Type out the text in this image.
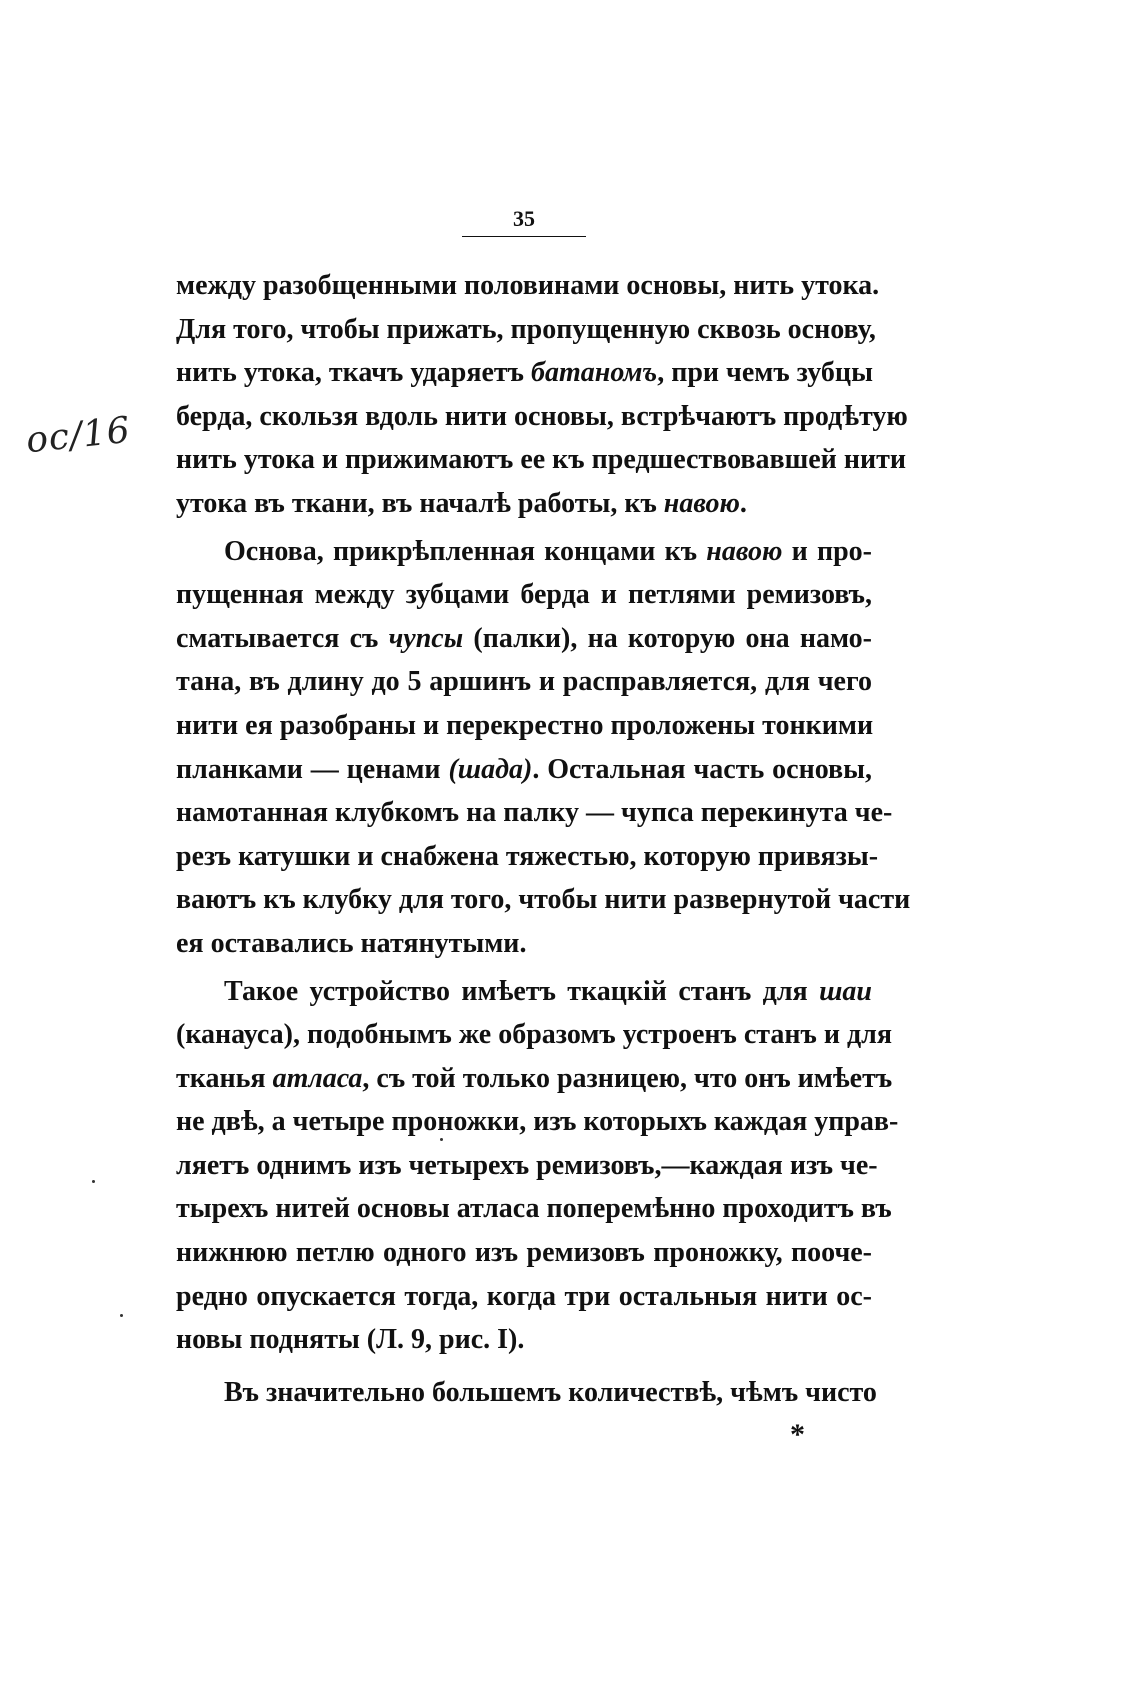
35
ос/16
между разобщенными половинами основы, нить утока.
Для того, чтобы прижать, пропущенную сквозь основу,
нить утока, ткачъ ударяетъ батаномъ, при чемъ зубцы
берда, скользя вдоль нити основы, встрѣчаютъ продѣтую
нить утока и прижимаютъ ее къ предшествовавшей нити
утока въ ткани, въ началѣ работы, къ навою.
Основа, прикрѣпленная концами къ навою и про-
пущенная между зубцами берда и петлями ремизовъ,
сматывается съ чупсы (палки), на которую она намо-
тана, въ длину до 5 аршинъ и расправляется, для чего
нити ея разобраны и перекрестно проложены тонкими
планками — ценами (шада). Остальная часть основы,
намотанная клубкомъ на палку — чупса перекинута че-
резъ катушки и снабжена тяжестью, которую привязы-
ваютъ къ клубку для того, чтобы нити развернутой части
ея оставались натянутыми.
Такое устройство имѣетъ ткацкій станъ для шаи
(канауса), подобнымъ же образомъ устроенъ станъ и для
тканья атласа, съ той только разницею, что онъ имѣетъ
не двѣ, а четыре проножки, изъ которыхъ каждая управ-
ляетъ однимъ изъ четырехъ ремизовъ,—каждая изъ че-
тырехъ нитей основы атласа поперемѣнно проходитъ въ
нижнюю петлю одного изъ ремизовъ проножку, пооче-
редно опускается тогда, когда три остальныя нити ос-
новы подняты (Л. 9, рис. I).
Въ значительно большемъ количествѣ, чѣмъ чисто
*
